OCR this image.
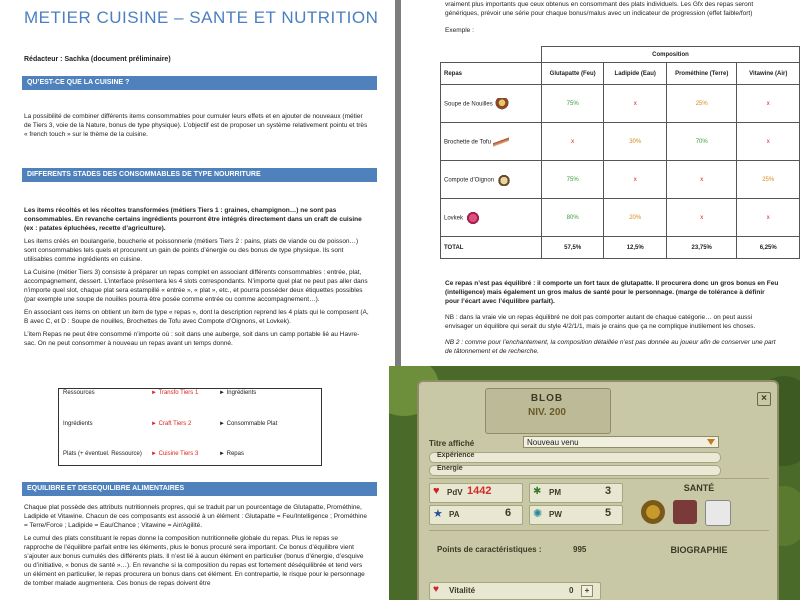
METIER CUISINE – SANTE ET NUTRITION
Rédacteur : Sachka (document préliminaire)
QU’EST-CE QUE LA CUISINE ?

La possibilité de combiner différents items consommables pour cumuler leurs effets et en ajouter de nouveaux (métier de Tiers 3, voie de la Nature, bonus de type physique). L’objectif est de proposer un système relativement pointu et très « french touch » sur le thème de la cuisine.

DIFFERENTS STADES DES CONSOMMABLES DE TYPE NOURRITURE

Les items récoltés et les récoltes transformées (métiers Tiers 1 : graines, champignon…) ne sont pas consommables. En revanche certains ingrédients pourront être intégrés directement dans un craft de cuisine (ex : patates épluchées, recette d’agriculture).

Les items créés en boulangerie, boucherie et poissonnerie (métiers Tiers 2 : pains, plats de viande ou de poisson…) sont consommables tels quels et procurent un gain de points d’énergie ou des bonus de type physique. Ils sont utilisables comme ingrédients en cuisine.

La Cuisine (métier Tiers 3) consiste à préparer un repas complet en associant différents consommables : entrée, plat, accompagnement, dessert. L’interface présentera les 4 slots correspondants. N’importe quel plat ne peut pas aller dans n’importe quel slot, chaque plat sera estampillé « entrée », « plat », etc., et pourra posséder deux étiquettes possibles (par exemple une soupe de nouilles pourra être posée comme entrée ou comme accompagnement…).

En associant ces items on obtient un item de type « repas », dont la description reprend les 4 plats qui le composent (A, B avec C, et D : Soupe de nouilles, Brochettes de Tofu avec Compote d’Oignons, et Lovkek).

L’item Repas ne peut être consommé n’importe où : soit dans une auberge, soit dans un camp portable lié au Havre-sac. On ne peut consommer à nouveau un repas avant un temps donné.

Ressources	► Transfo Tiers 1	► Ingrédients
Ingrédients	► Craft Tiers 2	► Consommable Plat
Plats (+ éventuel. Ressource) ► Cuisine Tiers 3	► Repas
EQUILIBRE ET DESEQUILIBRE ALIMENTAIRES

Chaque plat possède des attributs nutritionnels propres, qui se traduit par un pourcentage de Glutapatte, Prométhine, Ladipide et Vitawine. Chacun de ces composants est associé à un élément : Glutapatte = Feu/Intelligence ; Prométhine = Terre/Force ; Ladipide = Eau/Chance ; Vitawine = Air/Agilité.

Le cumul des plats constituant le repas donne la composition nutritionnelle globale du repas. Plus le repas se rapproche de l’équilibre parfait entre les éléments, plus le bonus procuré sera important. Ce bonus d’équilibre vient s’ajouter aux bonus cumulés des différents plats. Il n’est lié à aucun élément en particulier (bonus d’énergie, d’esquive ou d’initiative, « bonus de santé »…). En revanche si la composition du repas est fortement déséquilibrée et tend vers un élément en particulier, le repas procurera un bonus dans cet élément. En contrepartie, le risque pour le personnage de tomber malade augmentera. Ces bonus de repas doivent être

vraiment plus importants que ceux obtenus en consommant des plats individuels. Les Gfx des repas seront génériques, prévoir une série pour chaque bonus/malus avec un indicateur de progression (effet faible/fort)

Exemple :

Ce repas n’est pas équilibré : il comporte un fort taux de glutapatte. Il procurera donc un gros bonus en Feu (intelligence) mais également un gros malus de santé pour le personnage. (marge de tolérance à définir pour l’écart avec l’équilibre parfait).

NB : dans la vraie vie un repas équilibré ne doit pas comporter autant de chaque catégorie… on peut aussi envisager un équilibre qui serait du style 4/2/1/1, mais je crains que ça ne complique inutilement les choses.

NB 2 : comme pour l’enchantement, la composition détaillée n’est pas donnée au joueur afin de conserver une part de tâtonnement et de recherche.

	Composition			
Repas	Glutapatte (Feu)	Ladipide (Eau)	Prométhine (Terre)	Vitawine (Air)
Soupe de Nouilles	75%	x	25%	x
Brochette de Tofu	x	30%	70%	x
Compote d’Oignon	75%	x	x	25%
Lovkek	80%	20%	x	x
TOTAL	57,5%	12,5%	23,75%	6,25%
BLOB
NIV. 200
×
Titre affiché	Nouveau venu
Expérience
Energie
♥ PdV 1442	✱ PM	3
★ PA	6 ✺ PW	5
SANTÉ
Points de caractéristiques :	995	BIOGRAPHIE
♥ Vitalité	0	+
